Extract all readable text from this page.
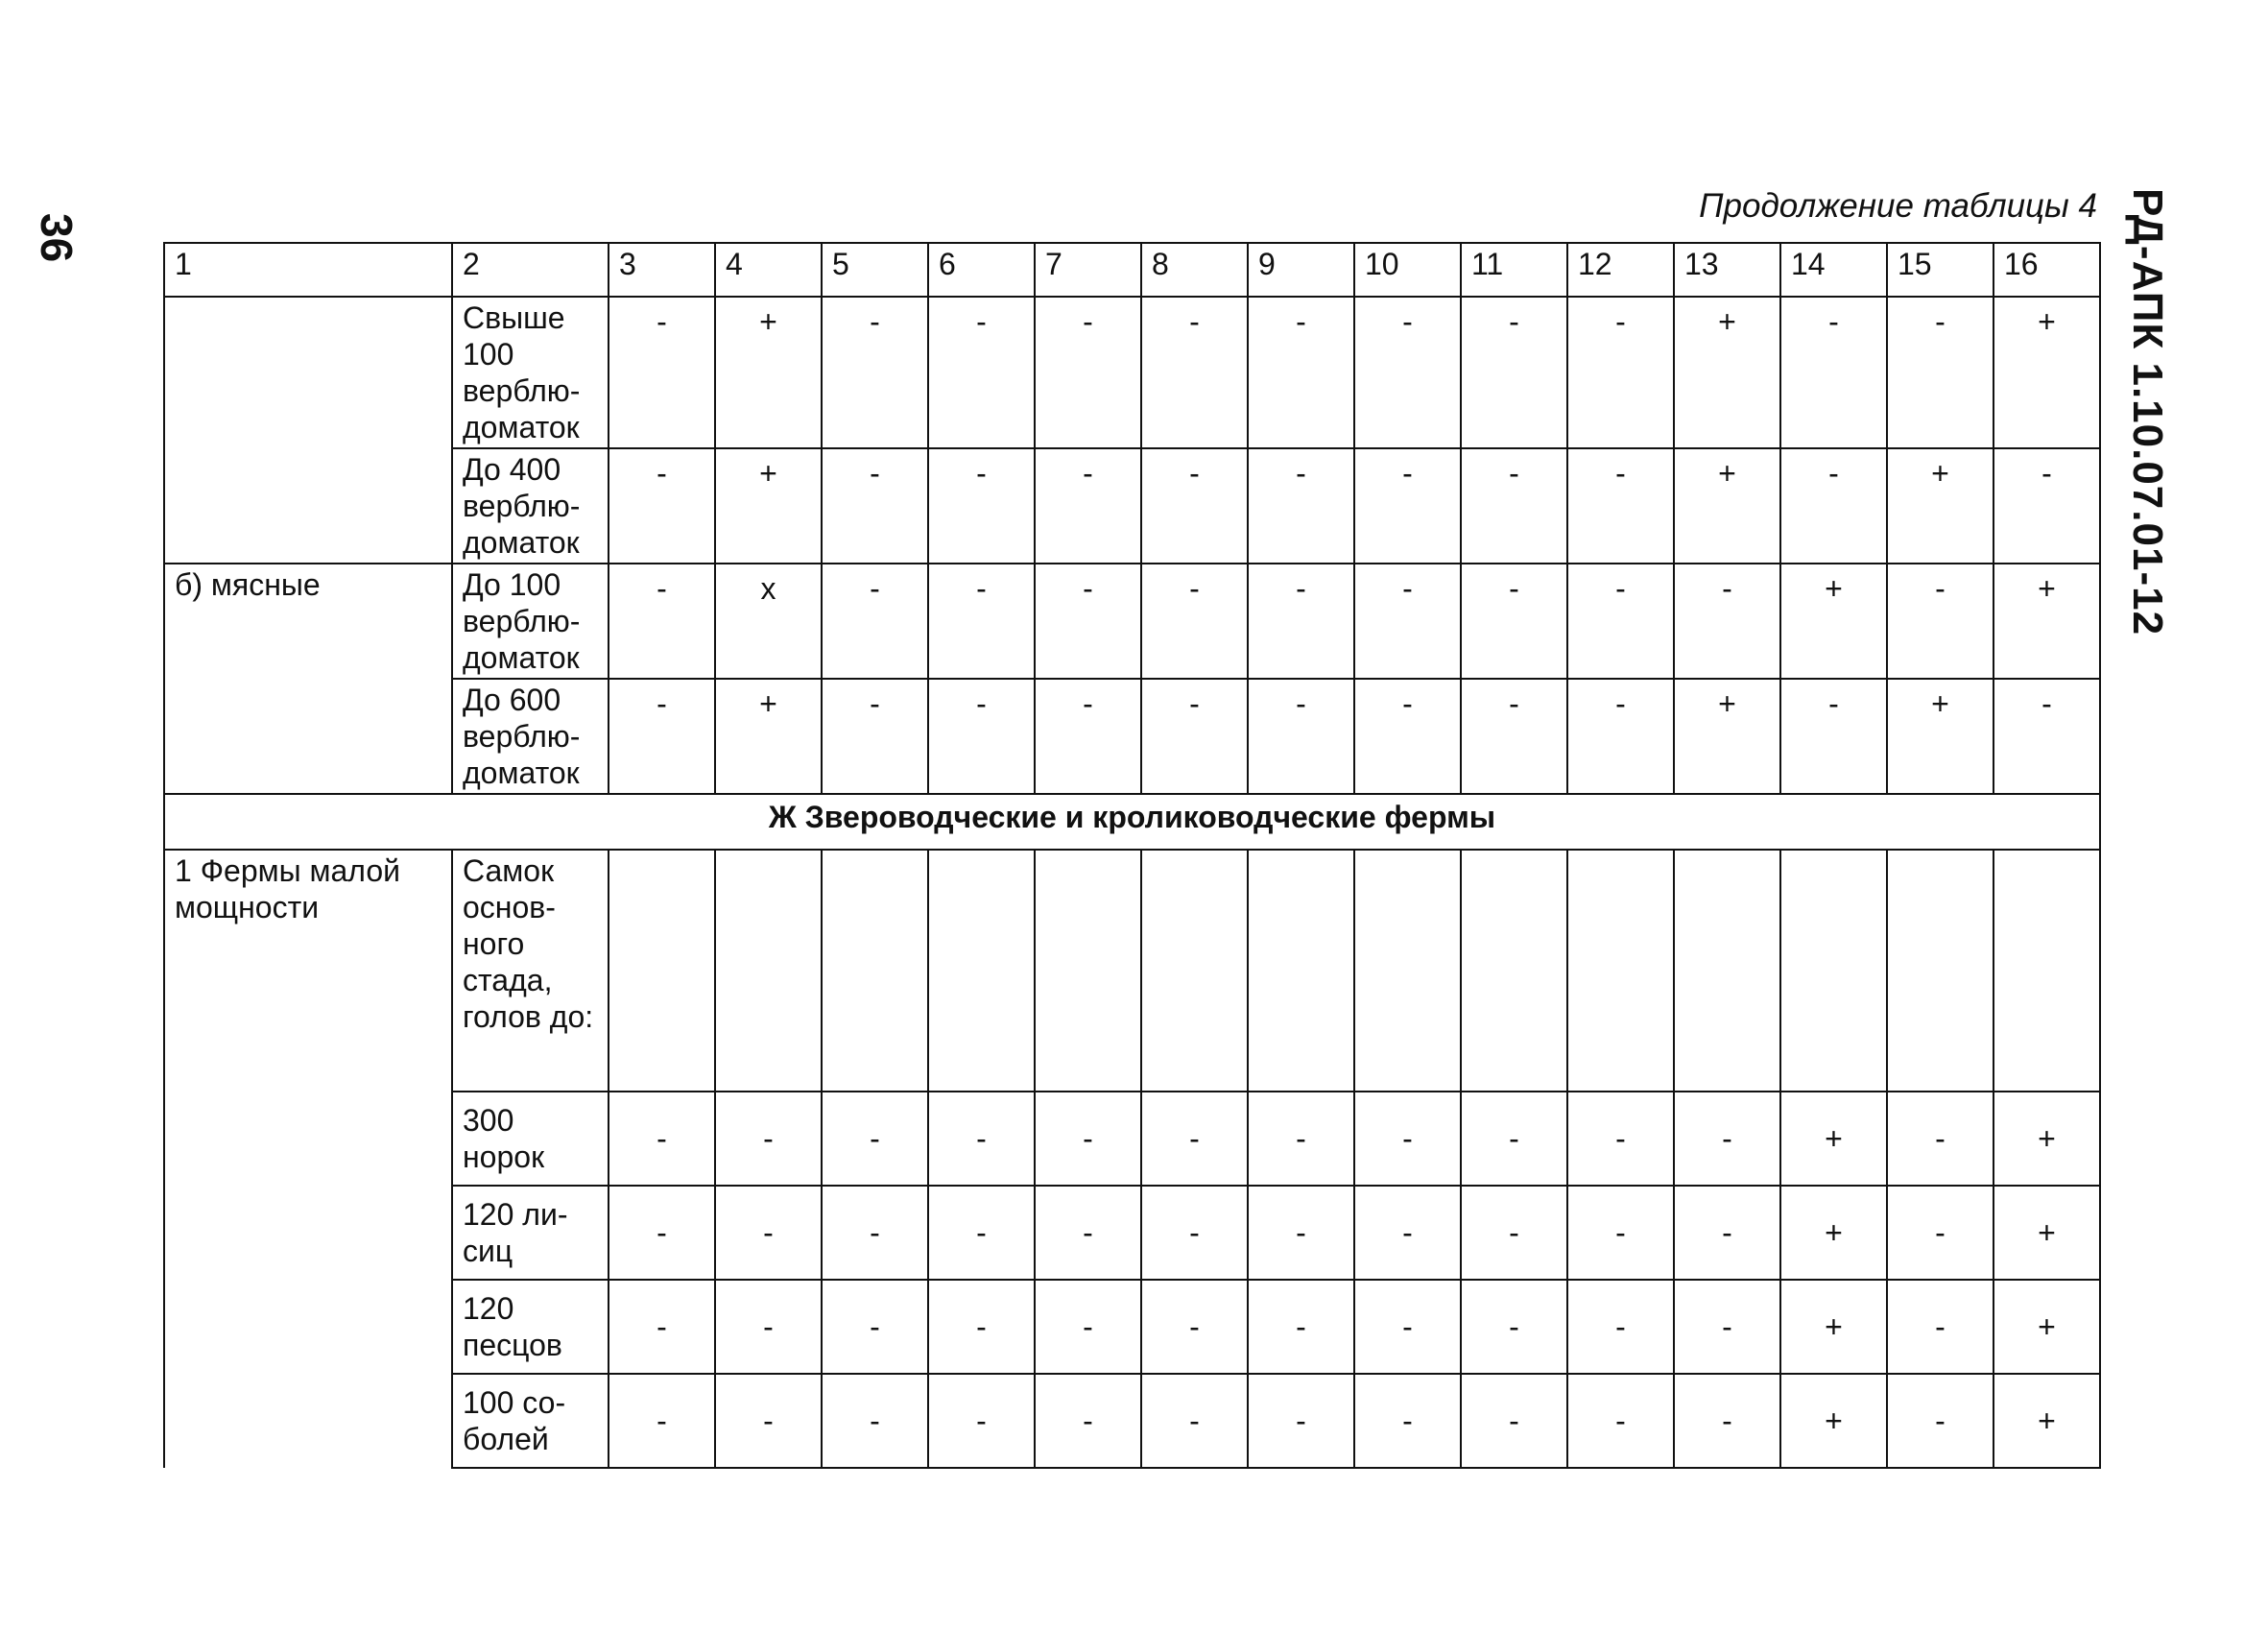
36	РД-АПК 1.10.07.01-12
Продолжение таблицы 4
1	2	3	4	5	6	7	8	9	10	11	12	13	14	15	16
	Свыше 100 верблю-доматок	-	+	-	-	-	-	-	-	-	-	+	-	-	+
	До 400 верблю-доматок	-	+	-	-	-	-	-	-	-	-	+	-	+	-
б) мясные	До 100 верблю-доматок	-	x	-	-	-	-	-	-	-	-	-	+	-	+
	До 600 верблю-доматок	-	+	-	-	-	-	-	-	-	-	+	-	+	-
Ж Звероводческие и кролиководческие фермы															
1 Фермы малой мощности	Самок основ-ного стада, голов до:														
	300 норок	-	-	-	-	-	-	-	-	-	-	-	+	-	+
	120 ли-сиц	-	-	-	-	-	-	-	-	-	-	-	+	-	+
	120 песцов	-	-	-	-	-	-	-	-	-	-	-	+	-	+
	100 со-болей	-	-	-	-	-	-	-	-	-	-	-	+	-	+
